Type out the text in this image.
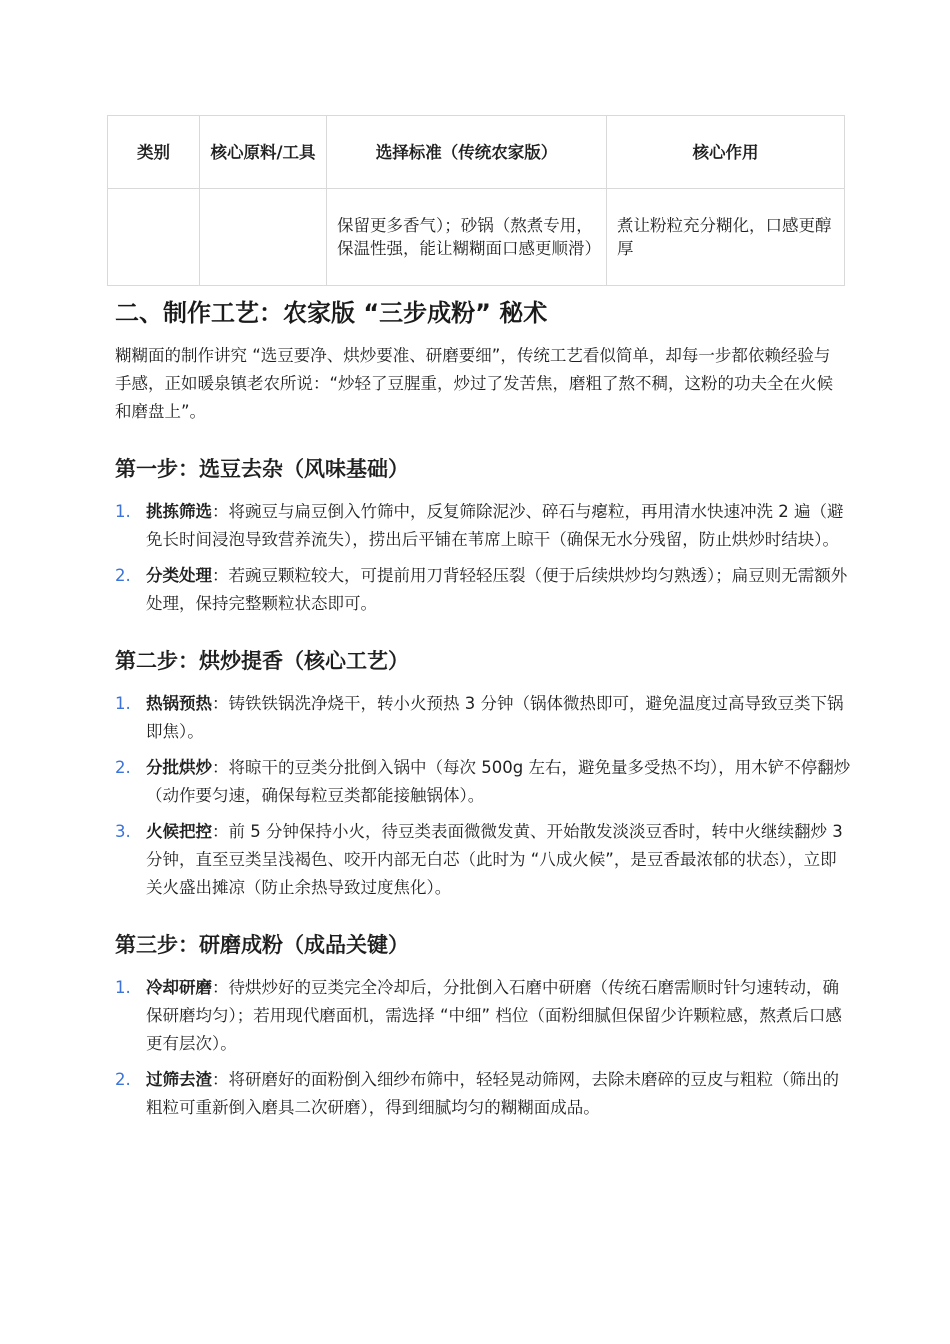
类别	核心原料/工具	选择标准（传统农家版）	核心作用
		保留更多香气）；砂锅（熬煮专用，保温性强，能让糊糊面口感更顺滑）	煮让粉粒充分糊化，口感更醇厚
二、制作工艺：农家版 “三步成粉” 秘术

糊糊面的制作讲究 “选豆要净、烘炒要准、研磨要细”，传统工艺看似简单，却每一步都依赖经验与手感，正如暖泉镇老农所说：“炒轻了豆腥重，炒过了发苦焦，磨粗了熬不稠，这粉的功夫全在火候和磨盘上”。

第一步：选豆去杂（风味基础）
1. 挑拣筛选：将豌豆与扁豆倒入竹筛中，反复筛除泥沙、碎石与瘪粒，再用清水快速冲洗 2 遍（避免长时间浸泡导致营养流失），捞出后平铺在苇席上晾干（确保无水分残留，防止烘炒时结块）。
2. 分类处理：若豌豆颗粒较大，可提前用刀背轻轻压裂（便于后续烘炒均匀熟透）；扁豆则无需额外处理，保持完整颗粒状态即可。
第二步：烘炒提香（核心工艺）
1. 热锅预热：铸铁铁锅洗净烧干，转小火预热 3 分钟（锅体微热即可，避免温度过高导致豆类下锅即焦）。
2. 分批烘炒：将晾干的豆类分批倒入锅中（每次 500g 左右，避免量多受热不均），用木铲不停翻炒（动作要匀速，确保每粒豆类都能接触锅体）。
3. 火候把控：前 5 分钟保持小火，待豆类表面微微发黄、开始散发淡淡豆香时，转中火继续翻炒 3 分钟，直至豆类呈浅褐色、咬开内部无白芯（此时为 “八成火候”，是豆香最浓郁的状态），立即关火盛出摊凉（防止余热导致过度焦化）。
第三步：研磨成粉（成品关键）
1. 冷却研磨：待烘炒好的豆类完全冷却后，分批倒入石磨中研磨（传统石磨需顺时针匀速转动，确保研磨均匀）；若用现代磨面机，需选择 “中细” 档位（面粉细腻但保留少许颗粒感，熬煮后口感更有层次）。
2. 过筛去渣：将研磨好的面粉倒入细纱布筛中，轻轻晃动筛网，去除未磨碎的豆皮与粗粒（筛出的粗粒可重新倒入磨具二次研磨），得到细腻均匀的糊糊面成品。
